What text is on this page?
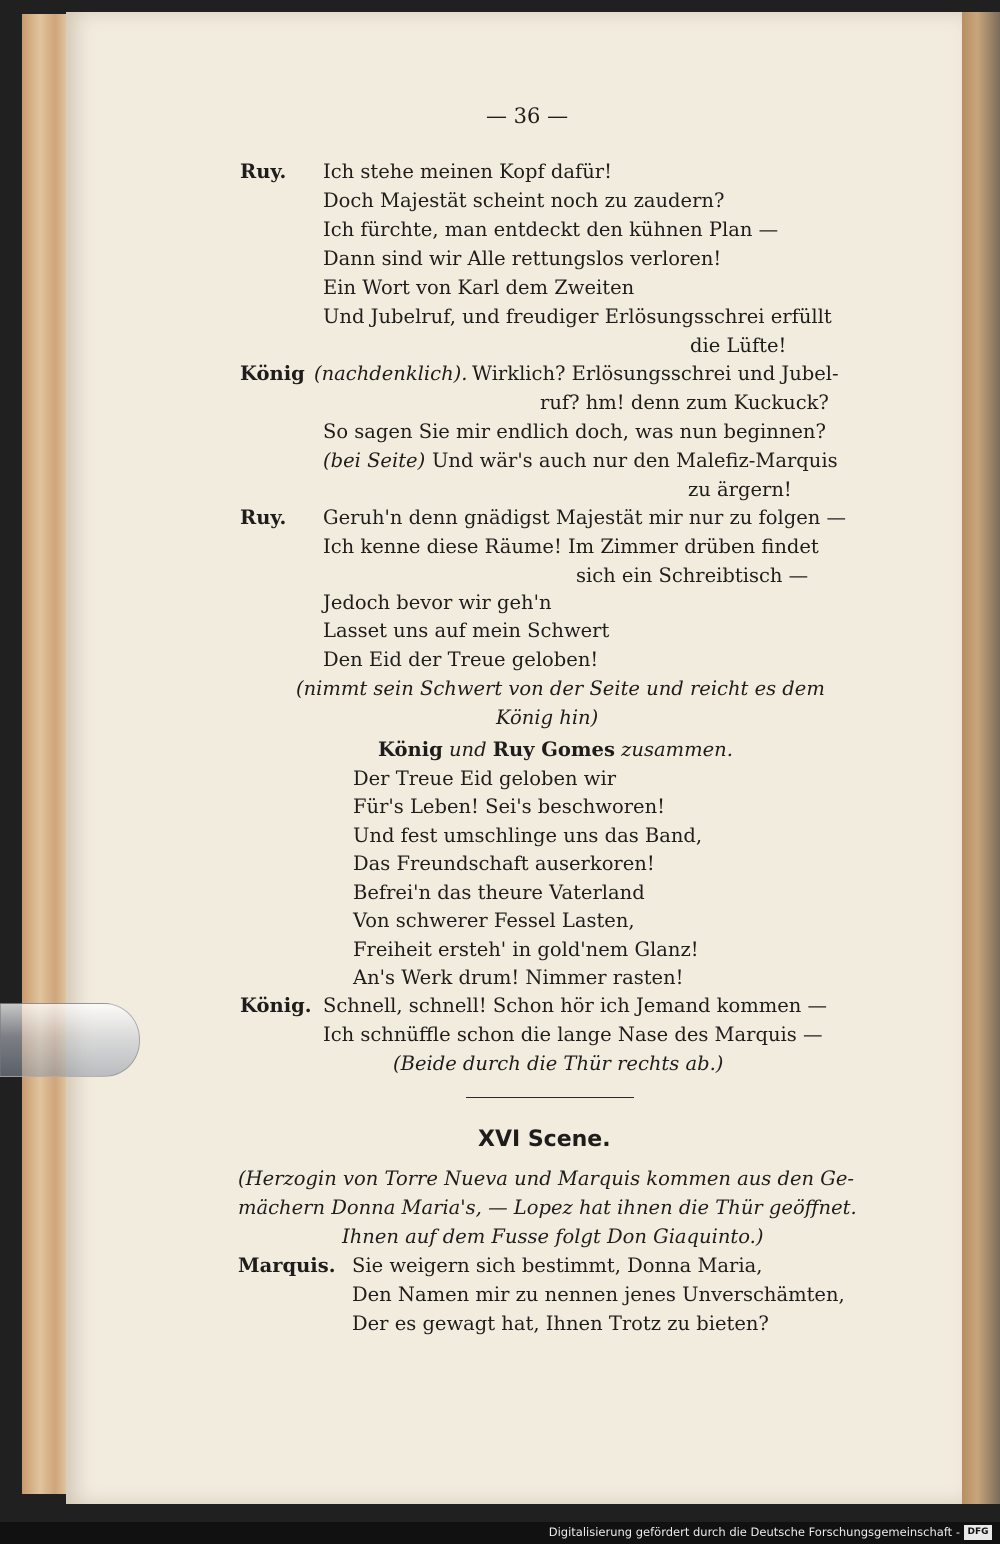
— 36 —
Ruy. Ich stehe meinen Kopf dafür!
Doch Majestät scheint noch zu zaudern?
Ich fürchte, man entdeckt den kühnen Plan —
Dann sind wir Alle rettungslos verloren!
Ein Wort von Karl dem Zweiten
Und Jubelruf, und freudiger Erlösungsschrei erfüllt
die Lüfte!
König (nachdenklich). Wirklich? Erlösungsschrei und Jubel-
ruf? hm! denn zum Kuckuck?
So sagen Sie mir endlich doch, was nun beginnen?
(bei Seite) Und wär's auch nur den Malefiz-Marquis
zu ärgern!
Ruy. Geruh'n denn gnädigst Majestät mir nur zu folgen —
Ich kenne diese Räume! Im Zimmer drüben findet
sich ein Schreibtisch —
Jedoch bevor wir geh'n
Lasset uns auf mein Schwert
Den Eid der Treue geloben!
(nimmt sein Schwert von der Seite und reicht es dem
König hin)
König und Ruy Gomes zusammen.
Der Treue Eid geloben wir
Für's Leben! Sei's beschworen!
Und fest umschlinge uns das Band,
Das Freundschaft auserkoren!
Befrei'n das theure Vaterland
Von schwerer Fessel Lasten,
Freiheit ersteh' in gold'nem Glanz!
An's Werk drum! Nimmer rasten!
König. Schnell, schnell! Schon hör ich Jemand kommen —
Ich schnüffle schon die lange Nase des Marquis —
(Beide durch die Thür rechts ab.)
XVI Scene.
(Herzogin von Torre Nueva und Marquis kommen aus den Ge-
mächern Donna Maria's, — Lopez hat ihnen die Thür geöffnet.
Ihnen auf dem Fusse folgt Don Giaquinto.)
Marquis. Sie weigern sich bestimmt, Donna Maria,
Den Namen mir zu nennen jenes Unverschämten,
Der es gewagt hat, Ihnen Trotz zu bieten?
Digitalisierung gefördert durch die Deutsche Forschungsgemeinschaft - DFG
